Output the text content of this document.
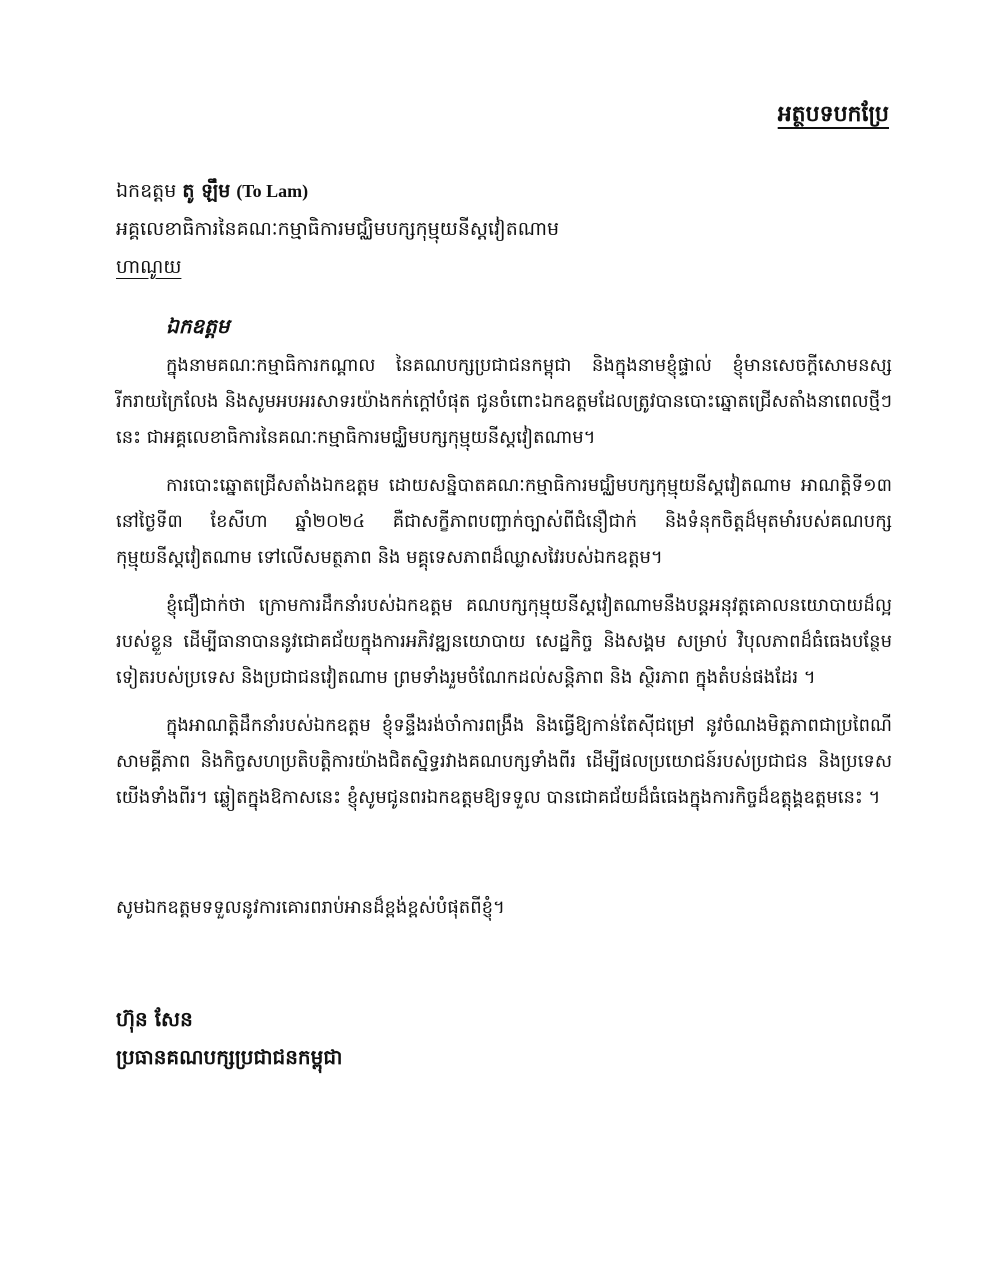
អត្ថបទបកប្រែ
ឯកឧត្តម តូ ឡឹម (To Lam)
អគ្គលេខាធិការនៃគណៈកម្មាធិការមជ្ឈិមបក្សកុម្មុយនីស្តវៀតណាម
ហាណូយ
ឯកឧត្តម

ក្នុងនាមគណៈកម្មាធិការកណ្តាល នៃគណបក្សប្រជាជនកម្ពុជា និងក្នុងនាមខ្ញុំផ្ទាល់ ខ្ញុំមានសេចក្តីសោមនស្សរីករាយក្រៃលែង និងសូមអបអរសាទរយ៉ាងកក់ក្តៅបំផុត ជូនចំពោះឯកឧត្តមដែលត្រូវបានបោះឆ្នោតជ្រើសតាំងនាពេលថ្មីៗនេះ ជាអគ្គលេខាធិការនៃគណៈកម្មាធិការមជ្ឈិមបក្សកុម្មុយនីស្តវៀតណាម។

ការបោះឆ្នោតជ្រើសតាំងឯកឧត្តម ដោយសន្និបាតគណៈកម្មាធិការមជ្ឈិមបក្សកុម្មុយនីស្តវៀតណាម អាណត្តិទី១៣ នៅថ្ងៃទី៣ ខែសីហា ឆ្នាំ២០២៤ គឺជាសក្ខីភាពបញ្ជាក់ច្បាស់ពីជំនឿជាក់ និងទំនុកចិត្តដ៏មុតមាំរបស់គណបក្សកុម្មុយនីស្តវៀតណាម ទៅលើសមត្ថភាព និង មគ្គុទេសភាពដ៏ឈ្លាសវៃរបស់ឯកឧត្តម។

ខ្ញុំជឿជាក់ថា ក្រោមការដឹកនាំរបស់ឯកឧត្តម គណបក្សកុម្មុយនីស្តវៀតណាមនឹងបន្តអនុវត្តគោលនយោបាយដ៏ល្អរបស់ខ្លួន ដើម្បីធានាបាននូវជោគជ័យក្នុងការអភិវឌ្ឍនយោបាយ សេដ្ឋកិច្ច និងសង្គម សម្រាប់ វិបុលភាពដ៏ធំធេងបន្ថែមទៀតរបស់ប្រទេស និងប្រជាជនវៀតណាម ព្រមទាំងរួមចំណែកដល់សន្តិភាព និង ស្ថិរភាព ក្នុងតំបន់ផងដែរ ។

ក្នុងអាណត្តិដឹកនាំរបស់ឯកឧត្តម ខ្ញុំទន្ទឹងរង់ចាំការពង្រឹង និងធ្វើឱ្យកាន់តែស៊ីជម្រៅ នូវចំណងមិត្តភាពជាប្រពៃណី សាមគ្គីភាព និងកិច្ចសហប្រតិបត្តិការយ៉ាងជិតស្និទ្ធរវាងគណបក្សទាំងពីរ ដើម្បីផលប្រយោជន៍របស់ប្រជាជន និងប្រទេសយើងទាំងពីរ។ ឆ្លៀតក្នុងឱកាសនេះ ខ្ញុំសូមជូនពរឯកឧត្តមឱ្យទទួល បានជោគជ័យដ៏ធំធេងក្នុងការកិច្ចដ៏ឧត្តុង្គឧត្តមនេះ ។

សូមឯកឧត្តមទទួលនូវការគោរពរាប់អានដ៏ខ្ពង់ខ្ពស់បំផុតពីខ្ញុំ។
ហ៊ុន សែន
ប្រធានគណបក្សប្រជាជនកម្ពុជា
